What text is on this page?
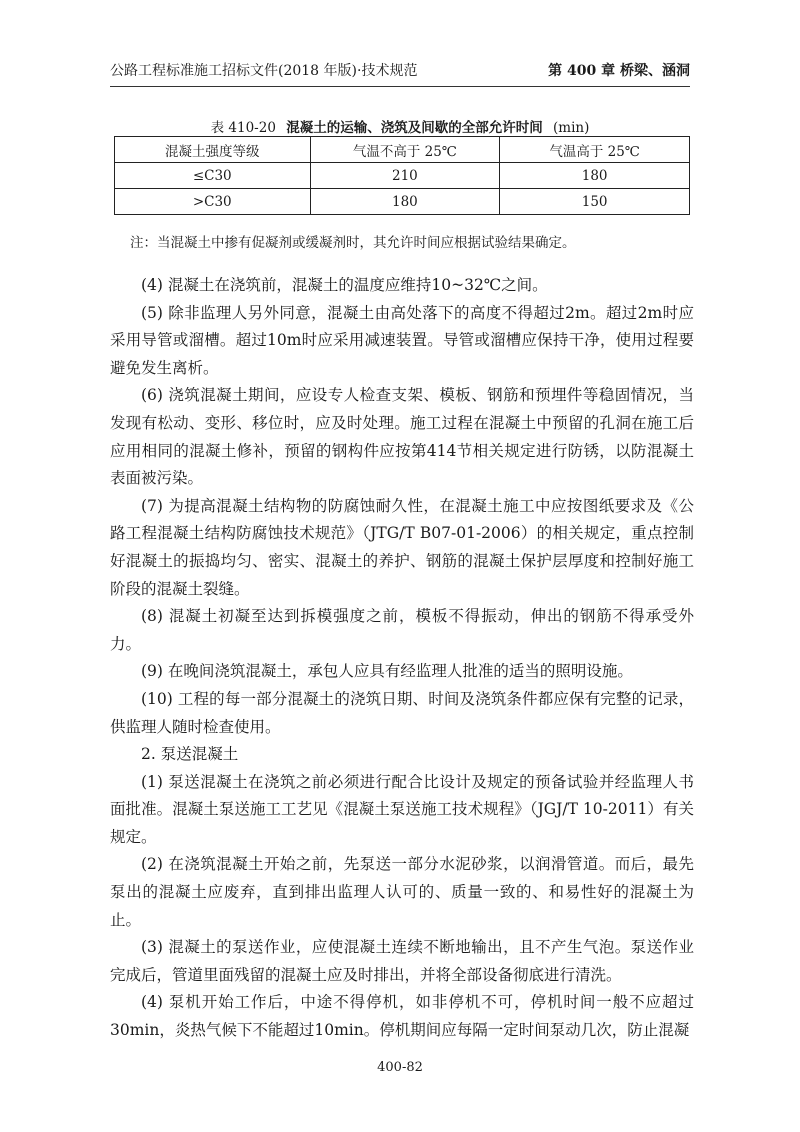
公路工程标准施工招标文件(2018 年版)·技术规范	第 400 章 桥梁、涵洞
表 410-20 混凝土的运输、浇筑及间歇的全部允许时间 (min)
混凝土强度等级	气温不高于 25℃	气温高于 25℃
≤C30	210	180
>C30	180	150
注：当混凝土中掺有促凝剂或缓凝剂时，其允许时间应根据试验结果确定。

(4) 混凝土在浇筑前，混凝土的温度应维持10~32℃之间。

(5) 除非监理人另外同意，混凝土由高处落下的高度不得超过2m。超过2m时应采用导管或溜槽。超过10m时应采用减速装置。导管或溜槽应保持干净，使用过程要避免发生离析。

(6) 浇筑混凝土期间，应设专人检查支架、模板、钢筋和预埋件等稳固情况，当发现有松动、变形、移位时，应及时处理。施工过程在混凝土中预留的孔洞在施工后应用相同的混凝土修补，预留的钢构件应按第414节相关规定进行防锈，以防混凝土表面被污染。

(7) 为提高混凝土结构物的防腐蚀耐久性，在混凝土施工中应按图纸要求及《公路工程混凝土结构防腐蚀技术规范》（JTG/T B07-01-2006）的相关规定，重点控制好混凝土的振捣均匀、密实、混凝土的养护、钢筋的混凝土保护层厚度和控制好施工阶段的混凝土裂缝。

(8) 混凝土初凝至达到拆模强度之前，模板不得振动，伸出的钢筋不得承受外力。

(9) 在晚间浇筑混凝土，承包人应具有经监理人批准的适当的照明设施。

(10) 工程的每一部分混凝土的浇筑日期、时间及浇筑条件都应保有完整的记录，供监理人随时检查使用。

2. 泵送混凝土

(1) 泵送混凝土在浇筑之前必须进行配合比设计及规定的预备试验并经监理人书面批准。混凝土泵送施工工艺见《混凝土泵送施工技术规程》（JGJ/T 10-2011）有关规定。

(2) 在浇筑混凝土开始之前，先泵送一部分水泥砂浆，以润滑管道。而后，最先泵出的混凝土应废弃，直到排出监理人认可的、质量一致的、和易性好的混凝土为止。

(3) 混凝土的泵送作业，应使混凝土连续不断地输出，且不产生气泡。泵送作业完成后，管道里面残留的混凝土应及时排出，并将全部设备彻底进行清洗。

(4) 泵机开始工作后，中途不得停机，如非停机不可，停机时间一般不应超过30min，炎热气候下不能超过10min。停机期间应每隔一定时间泵动几次，防止混凝

400-82
